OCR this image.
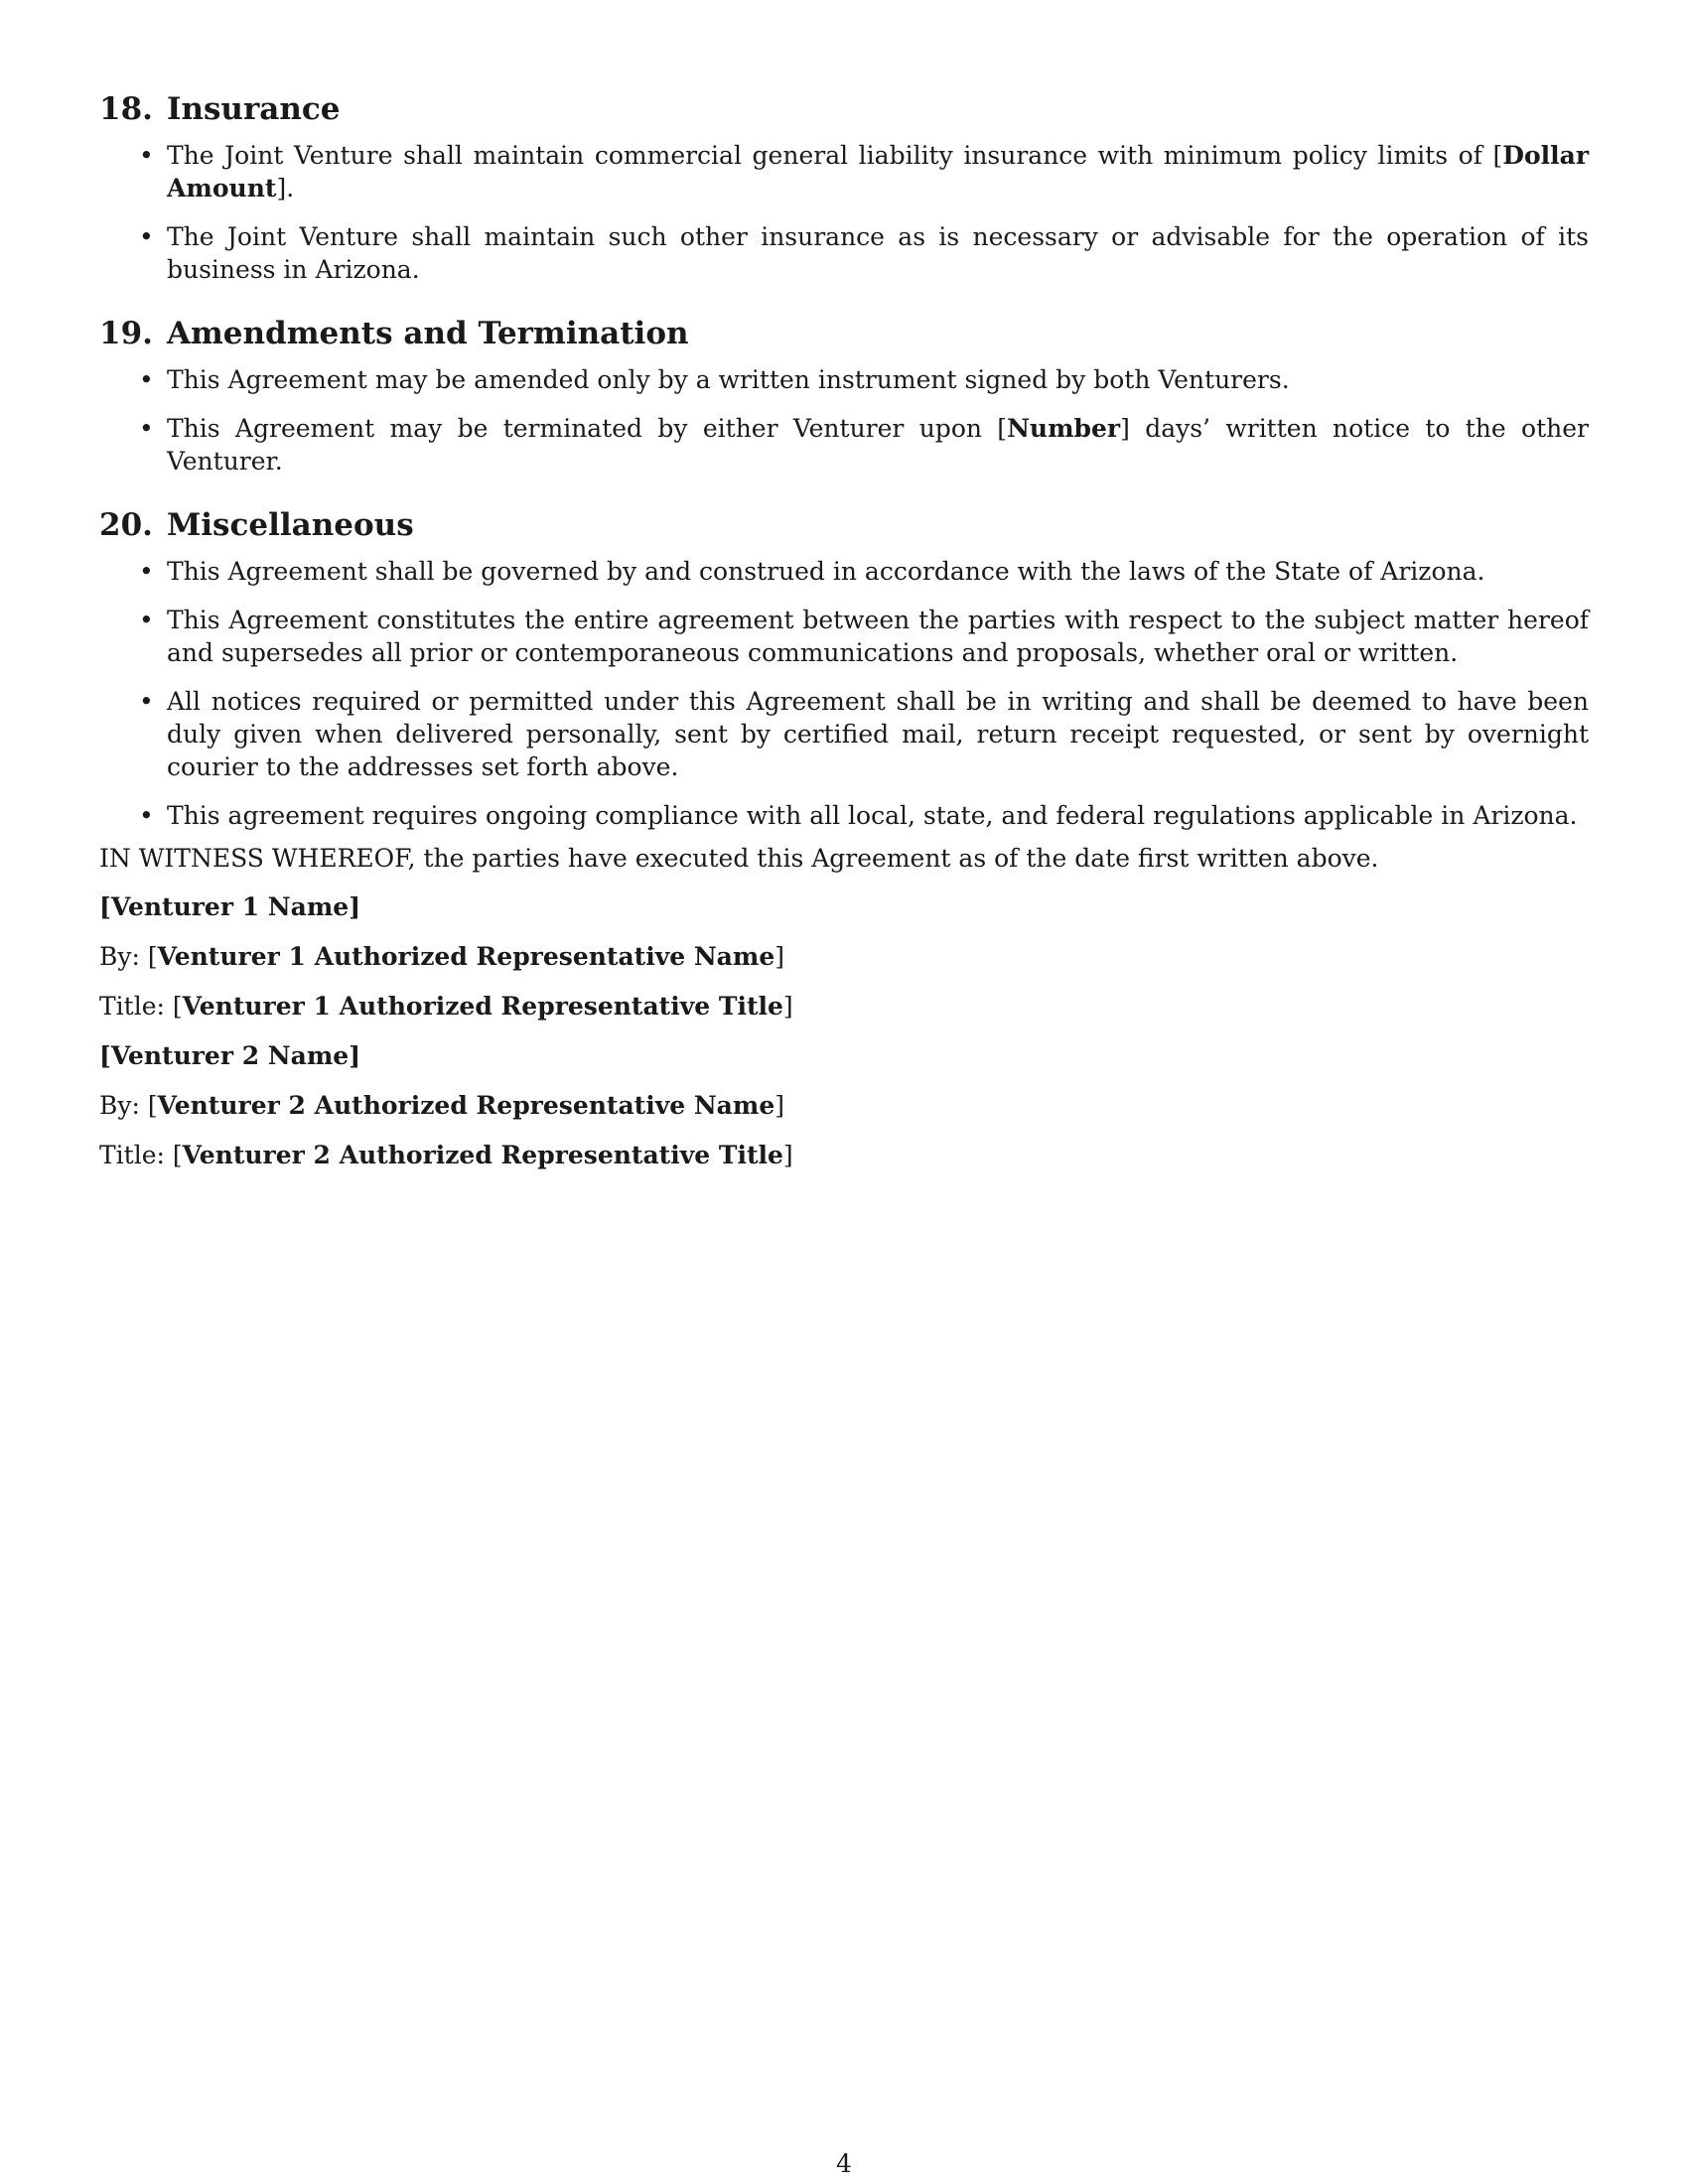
18. Insurance
• The Joint Venture shall maintain commercial general liability insurance with minimum policy limits of [Dollar Amount].
• The Joint Venture shall maintain such other insurance as is necessary or advisable for the operation of its business in Arizona.
19. Amendments and Termination
• This Agreement may be amended only by a written instrument signed by both Venturers.
• This Agreement may be terminated by either Venturer upon [Number] days’ written notice to the other Venturer.
20. Miscellaneous
• This Agreement shall be governed by and construed in accordance with the laws of the State of Arizona.
• This Agreement constitutes the entire agreement between the parties with respect to the subject matter hereof and supersedes all prior or contemporaneous communications and proposals, whether oral or written.
• All notices required or permitted under this Agreement shall be in writing and shall be deemed to have been duly given when delivered personally, sent by certified mail, return receipt requested, or sent by overnight courier to the addresses set forth above.
• This agreement requires ongoing compliance with all local, state, and federal regulations applicable in Arizona.

IN WITNESS WHEREOF, the parties have executed this Agreement as of the date first written above.

[Venturer 1 Name]

By: [Venturer 1 Authorized Representative Name]

Title: [Venturer 1 Authorized Representative Title]

[Venturer 2 Name]

By: [Venturer 2 Authorized Representative Name]

Title: [Venturer 2 Authorized Representative Title]

4
